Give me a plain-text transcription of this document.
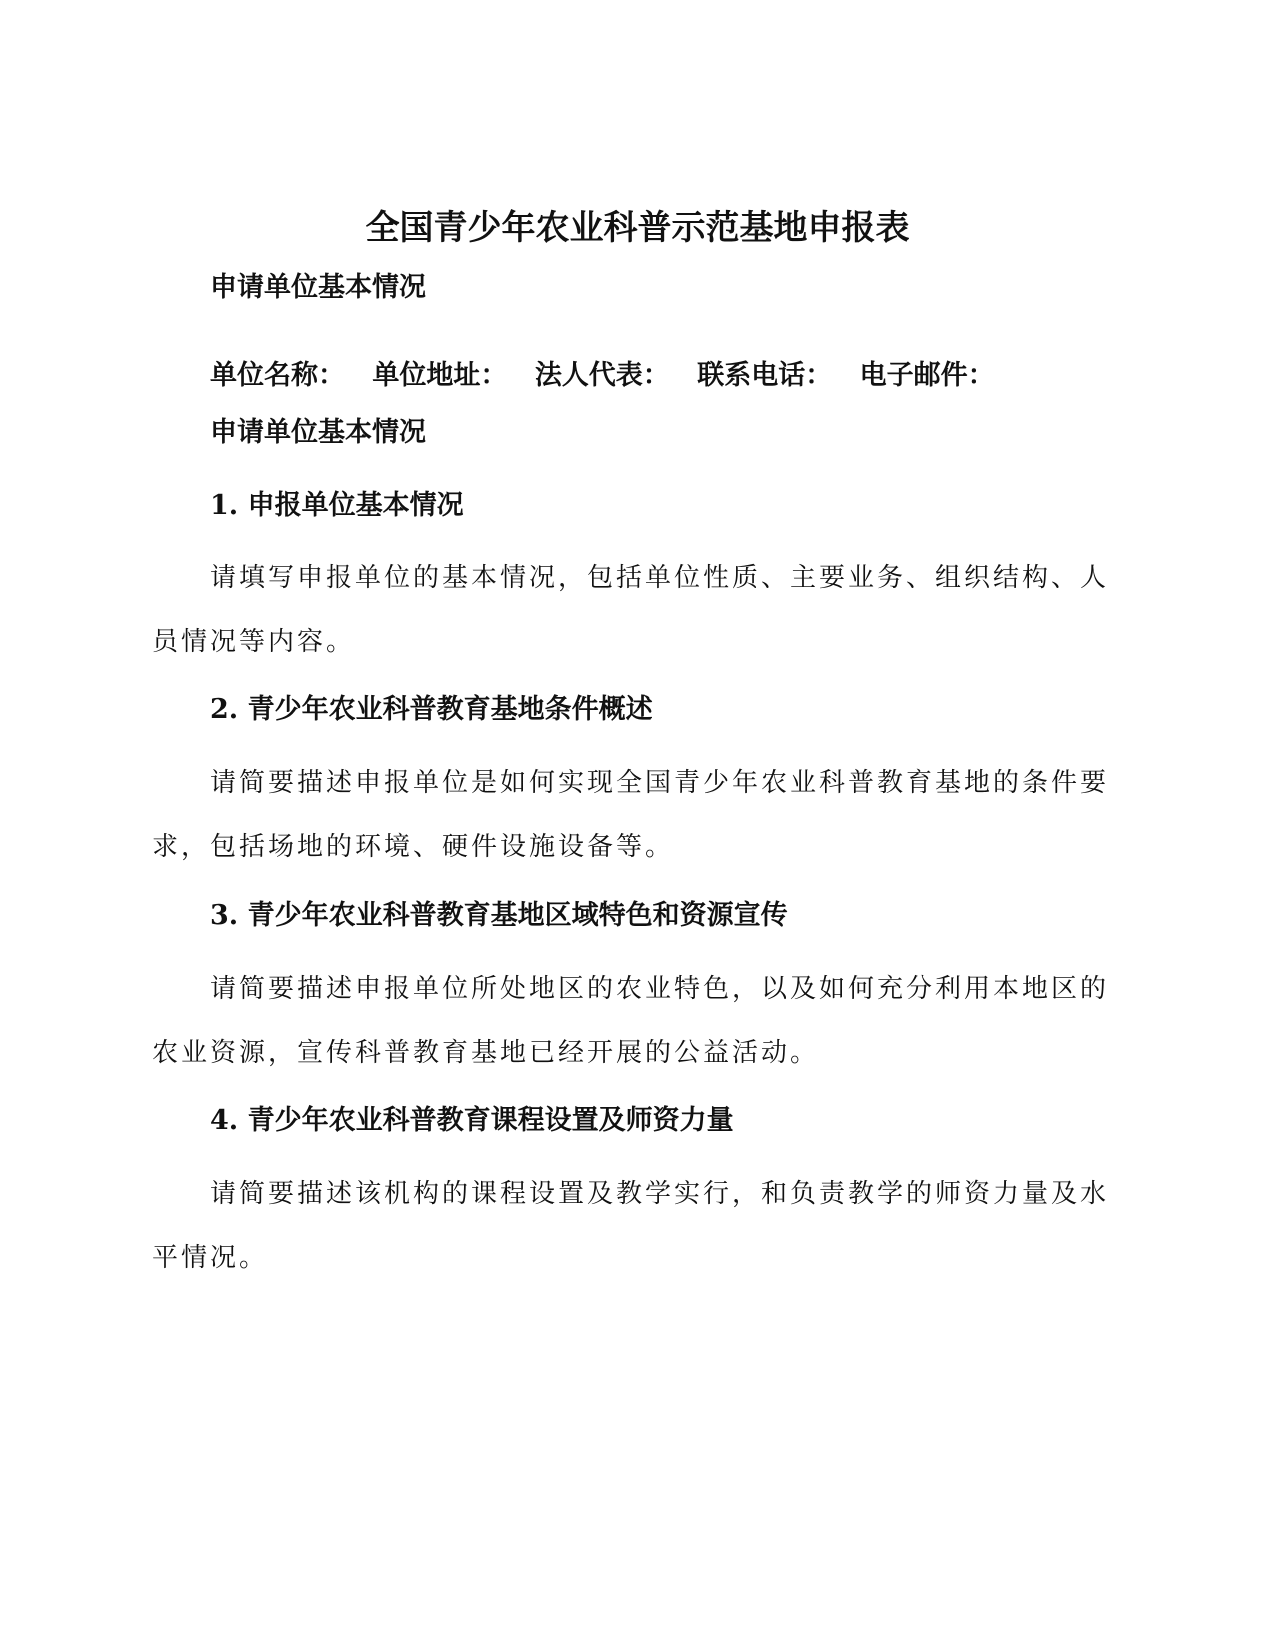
全国青少年农业科普示范基地申报表
申请单位基本情况
单位名称： 单位地址： 法人代表： 联系电话： 电子邮件：
申请单位基本情况
1. 申报单位基本情况
请填写申报单位的基本情况，包括单位性质、主要业务、组织结构、人员情况等内容。
2. 青少年农业科普教育基地条件概述
请简要描述申报单位是如何实现全国青少年农业科普教育基地的条件要求，包括场地的环境、硬件设施设备等。
3. 青少年农业科普教育基地区域特色和资源宣传
请简要描述申报单位所处地区的农业特色，以及如何充分利用本地区的农业资源，宣传科普教育基地已经开展的公益活动。
4. 青少年农业科普教育课程设置及师资力量
请简要描述该机构的课程设置及教学实行，和负责教学的师资力量及水平情况。
